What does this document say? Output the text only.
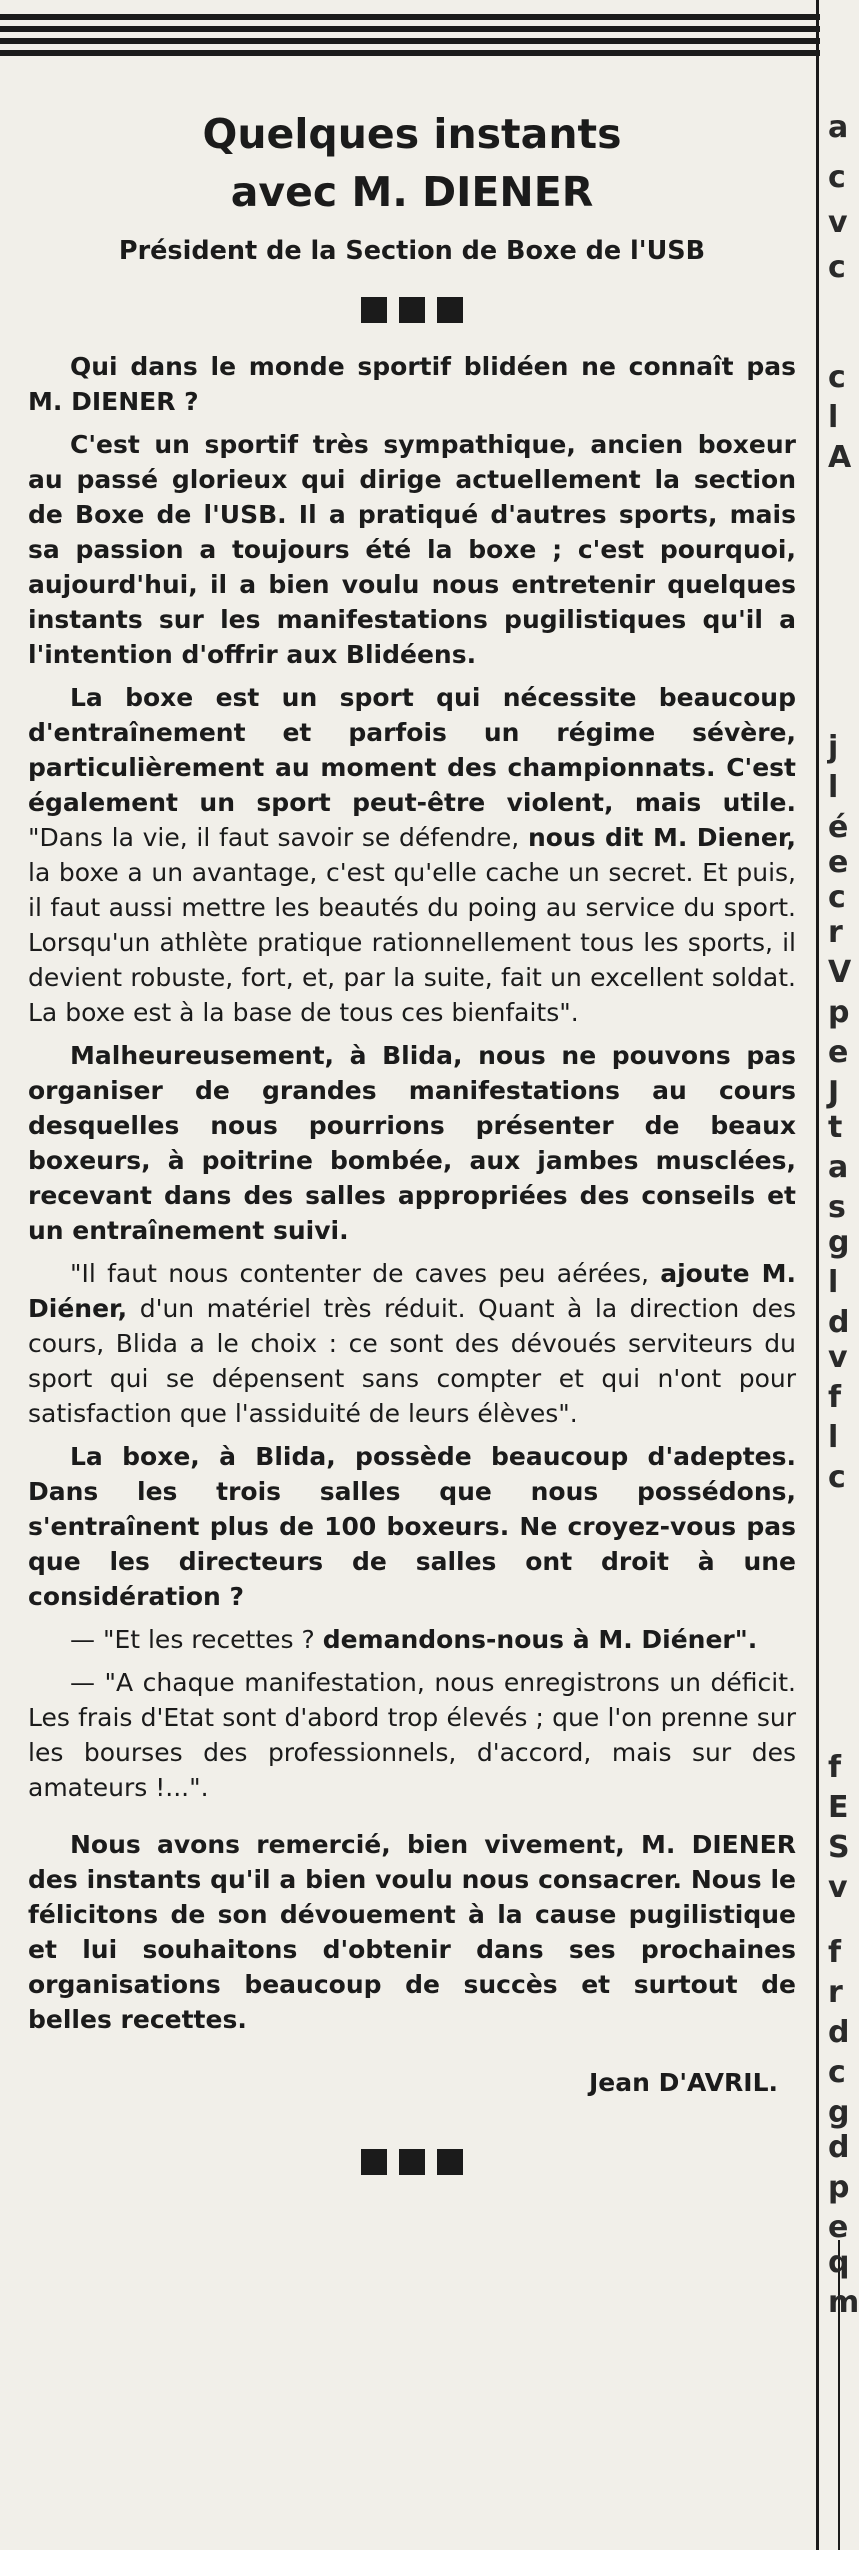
a
c
v
c
c
l
A
j
l
é
e
c
r
V
p
e
J
t
a
s
g
l
d
v
f
l
c
f
E
S
v
f
r
d
c
g
d
p
e
q
m
Quelques instants
avec M. DIENER

Président de la Section de Boxe de l'USB

Qui dans le monde sportif blidéen ne connaît pas M. DIENER ?

C'est un sportif très sympathique, ancien boxeur au passé glorieux qui dirige actuellement la section de Boxe de l'USB. Il a pratiqué d'autres sports, mais sa passion a toujours été la boxe ; c'est pourquoi, aujourd'hui, il a bien voulu nous entretenir quelques instants sur les manifestations pugilistiques qu'il a l'intention d'offrir aux Blidéens.

La boxe est un sport qui nécessite beaucoup d'entraînement et parfois un régime sévère, particulièrement au moment des championnats. C'est également un sport peut-être violent, mais utile. "Dans la vie, il faut savoir se défendre, nous dit M. Diener, la boxe a un avantage, c'est qu'elle cache un secret. Et puis, il faut aussi mettre les beautés du poing au service du sport. Lorsqu'un athlète pratique rationnellement tous les sports, il devient robuste, fort, et, par la suite, fait un excellent soldat. La boxe est à la base de tous ces bienfaits".

Malheureusement, à Blida, nous ne pouvons pas organiser de grandes manifestations au cours desquelles nous pourrions présenter de beaux boxeurs, à poitrine bombée, aux jambes musclées, recevant dans des salles appropriées des conseils et un entraînement suivi.

"Il faut nous contenter de caves peu aérées, ajoute M. Diéner, d'un matériel très réduit. Quant à la direction des cours, Blida a le choix : ce sont des dévoués serviteurs du sport qui se dépensent sans compter et qui n'ont pour satisfaction que l'assiduité de leurs élèves".

La boxe, à Blida, possède beaucoup d'adeptes. Dans les trois salles que nous possédons, s'entraînent plus de 100 boxeurs. Ne croyez-vous pas que les directeurs de salles ont droit à une considération ?

— "Et les recettes ? demandons-nous à M. Diéner".

— "A chaque manifestation, nous enregistrons un déficit. Les frais d'Etat sont d'abord trop élevés ; que l'on prenne sur les bourses des professionnels, d'accord, mais sur des amateurs !...".

Nous avons remercié, bien vivement, M. DIENER des instants qu'il a bien voulu nous consacrer. Nous le félicitons de son dévouement à la cause pugilistique et lui souhaitons d'obtenir dans ses prochaines organisations beaucoup de succès et surtout de belles recettes.

Jean D'AVRIL.
